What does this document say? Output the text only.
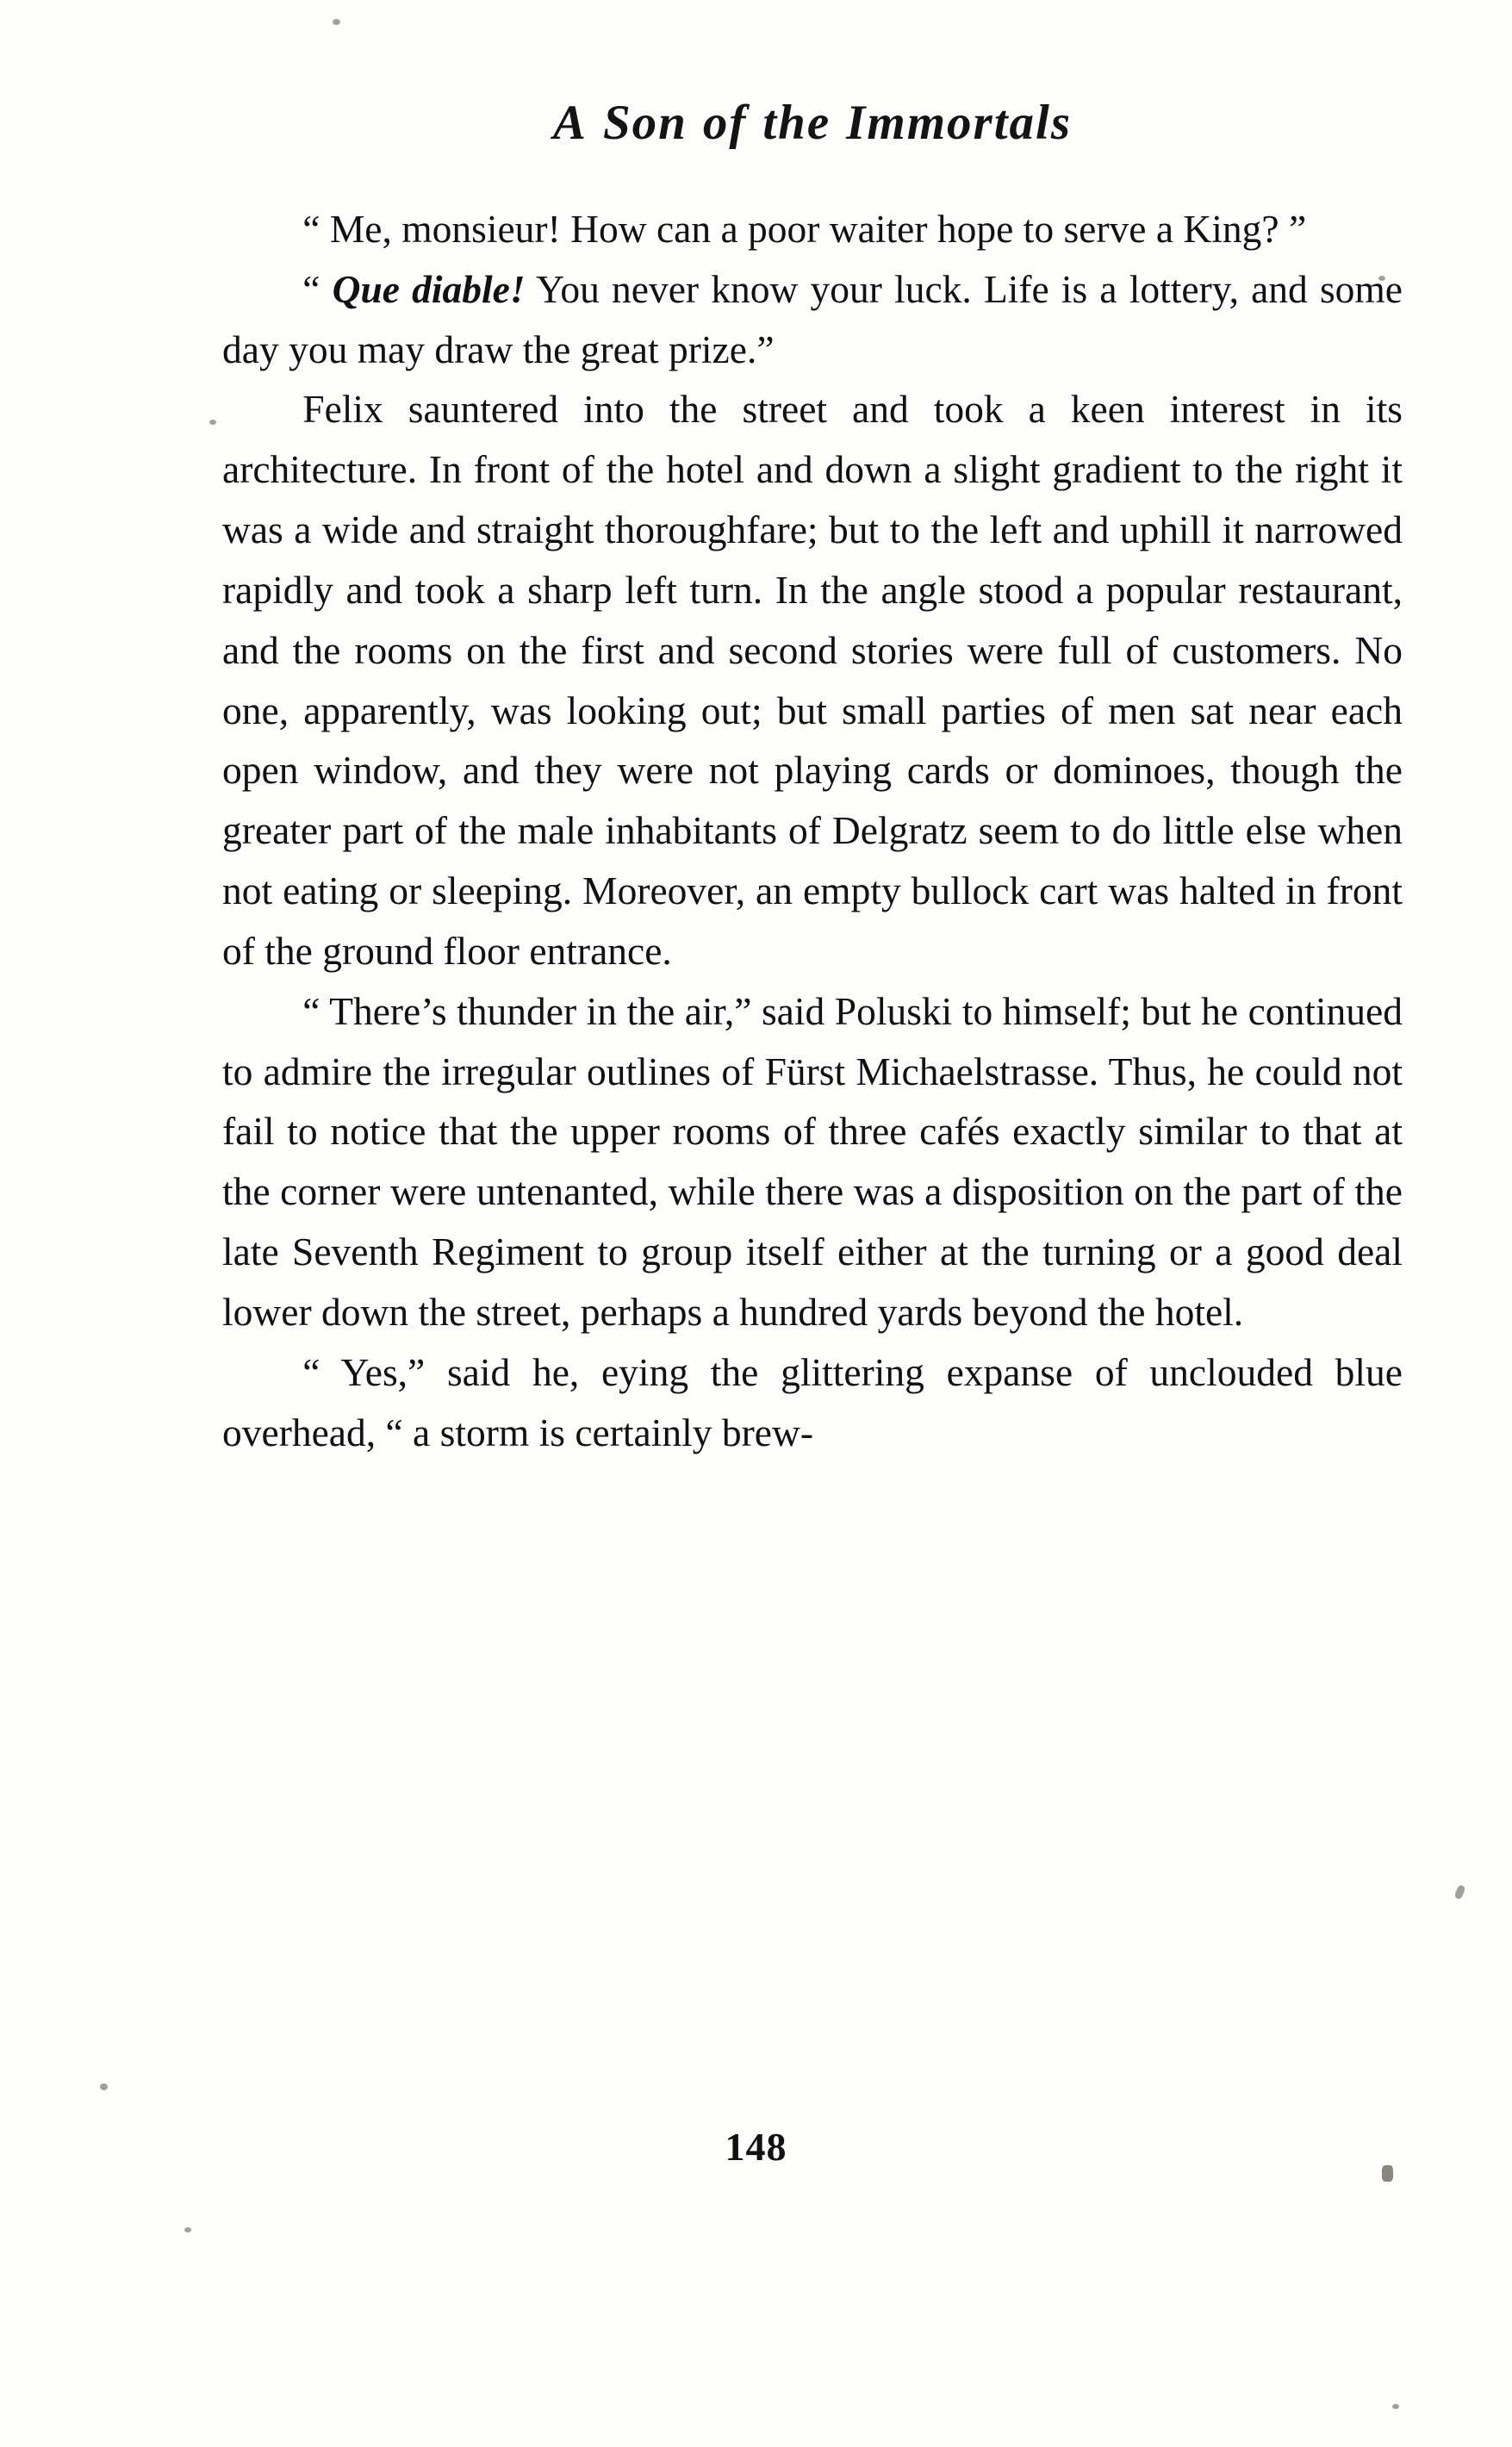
A Son of the Immortals

“ Me, monsieur! How can a poor waiter hope to serve a King? ”

“ Que diable! You never know your luck. Life is a lottery, and some day you may draw the great prize.”

Felix sauntered into the street and took a keen interest in its architecture. In front of the hotel and down a slight gradient to the right it was a wide and straight thoroughfare; but to the left and uphill it narrowed rapidly and took a sharp left turn. In the angle stood a popular restaurant, and the rooms on the first and second stories were full of customers. No one, apparently, was looking out; but small parties of men sat near each open window, and they were not playing cards or dominoes, though the greater part of the male inhabitants of Delgratz seem to do little else when not eating or sleeping. Moreover, an empty bullock cart was halted in front of the ground floor entrance.

“ There’s thunder in the air,” said Poluski to himself; but he continued to admire the irregular outlines of Fürst Michaelstrasse. Thus, he could not fail to notice that the upper rooms of three cafés exactly similar to that at the corner were untenanted, while there was a disposition on the part of the late Seventh Regiment to group itself either at the turning or a good deal lower down the street, perhaps a hundred yards beyond the hotel.

“ Yes,” said he, eying the glittering expanse of unclouded blue overhead, “ a storm is certainly brew-

148
